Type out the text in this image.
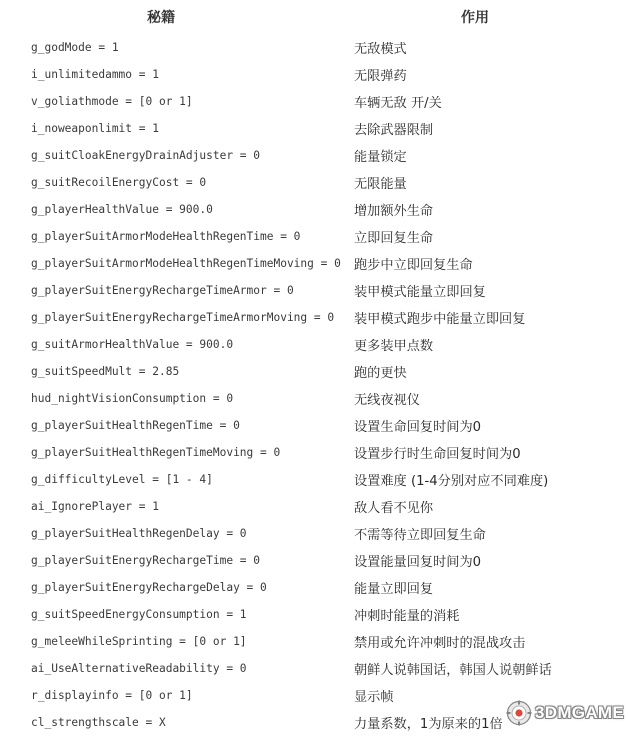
秘籍	作用
g_godMode = 1	无敌模式
i_unlimitedammo = 1	无限弹药
v_goliathmode = [0 or 1]	车辆无敌 开/关
i_noweaponlimit = 1	去除武器限制
g_suitCloakEnergyDrainAdjuster = 0	能量锁定
g_suitRecoilEnergyCost = 0	无限能量
g_playerHealthValue = 900.0	增加额外生命
g_playerSuitArmorModeHealthRegenTime = 0	立即回复生命
g_playerSuitArmorModeHealthRegenTimeMoving = 0	跑步中立即回复生命
g_playerSuitEnergyRechargeTimeArmor = 0	装甲模式能量立即回复
g_playerSuitEnergyRechargeTimeArmorMoving = 0	装甲模式跑步中能量立即回复
g_suitArmorHealthValue = 900.0	更多装甲点数
g_suitSpeedMult = 2.85	跑的更快
hud_nightVisionConsumption = 0	无线夜视仪
g_playerSuitHealthRegenTime = 0	设置生命回复时间为0
g_playerSuitHealthRegenTimeMoving = 0	设置步行时生命回复时间为0
g_difficultyLevel = [1 - 4]	设置难度 (1-4分别对应不同难度)
ai_IgnorePlayer = 1	敌人看不见你
g_playerSuitHealthRegenDelay = 0	不需等待立即回复生命
g_playerSuitEnergyRechargeTime = 0	设置能量回复时间为0
g_playerSuitEnergyRechargeDelay = 0	能量立即回复
g_suitSpeedEnergyConsumption = 1	冲刺时能量的消耗
g_meleeWhileSprinting = [0 or 1]	禁用或允许冲刺时的混战攻击
ai_UseAlternativeReadability = 0	朝鲜人说韩国话，韩国人说朝鲜话
r_displayinfo = [0 or 1]	显示帧
cl_strengthscale = X	力量系数，1为原来的1倍
3DMGAME
